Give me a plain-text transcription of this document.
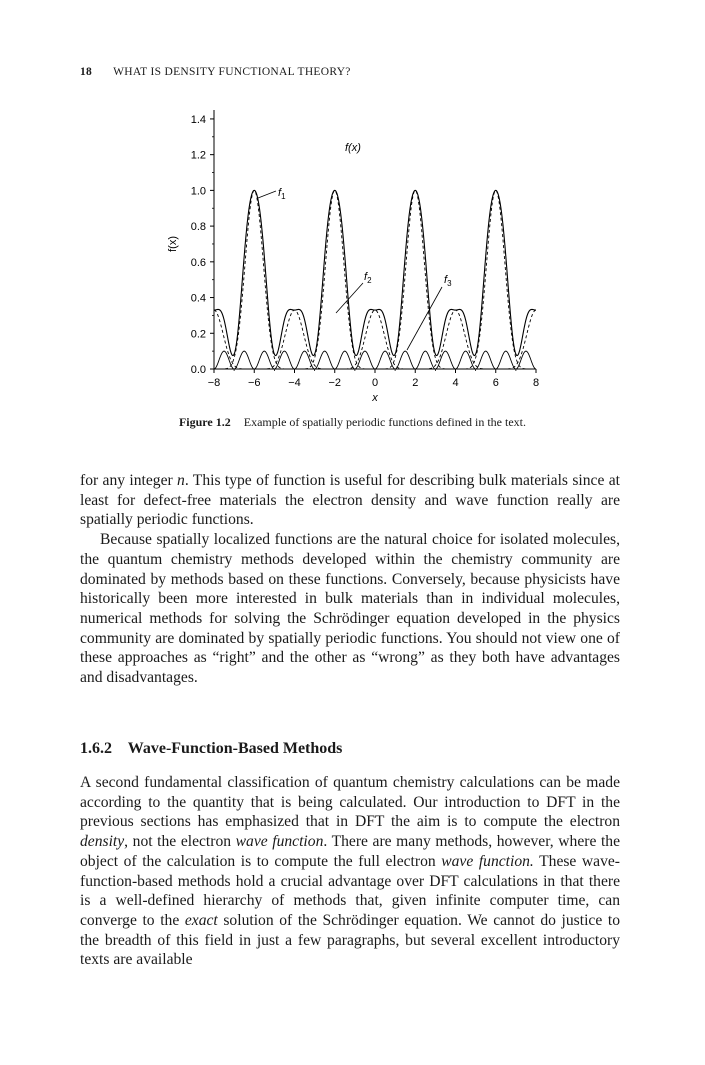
18 WHAT IS DENSITY FUNCTIONAL THEORY?
0.0
0.2
0.4
0.6
0.8
1.0
1.2
1.4
−8	−6	−4	−2	0	2	4	6	8
x
f(x)
f(x)
$f_1$
$f_2$	$f_3$
Figure 1.2 Example of spatially periodic functions defined in the text.

for any integer n. This type of function is useful for describing bulk materials since at least for defect-free materials the electron density and wave function really are spatially periodic functions.

Because spatially localized functions are the natural choice for isolated molecules, the quantum chemistry methods developed within the chemistry community are dominated by methods based on these functions. Conversely, because physicists have historically been more interested in bulk materials than in individual molecules, numerical methods for solving the Schrödinger equation developed in the physics community are dominated by spatially periodic functions. You should not view one of these approaches as “right” and the other as “wrong” as they both have advantages and disadvantages.

1.6.2 Wave-Function-Based Methods

A second fundamental classification of quantum chemistry calculations can be made according to the quantity that is being calculated. Our introduction to DFT in the previous sections has emphasized that in DFT the aim is to compute the electron density, not the electron wave function. There are many methods, however, where the object of the calculation is to compute the full electron wave function. These wave-function-based methods hold a crucial advantage over DFT calculations in that there is a well-defined hierarchy of methods that, given infinite computer time, can converge to the exact solution of the Schrödinger equation. We cannot do justice to the breadth of this field in just a few paragraphs, but several excellent introductory texts are available
